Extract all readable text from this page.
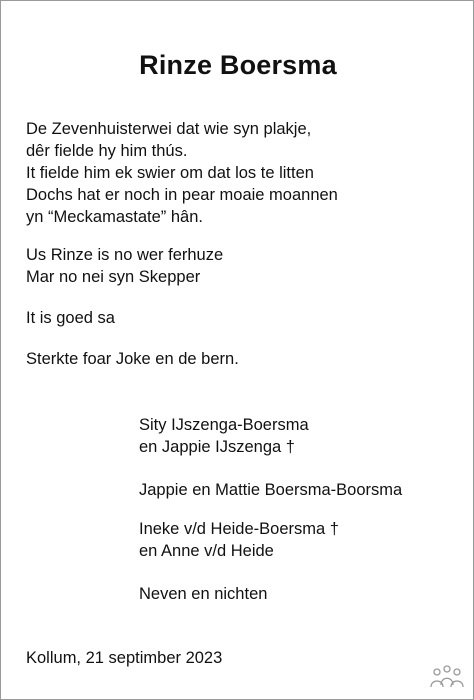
Rinze Boersma
De Zevenhuisterwei dat wie syn plakje,
dêr fielde hy him thús.
It fielde him ek swier om dat los te litten
Dochs hat er noch in pear moaie moannen
yn “Meckamastate” hân.
Us Rinze is no wer ferhuze
Mar no nei syn Skepper
It is goed sa
Sterkte foar Joke en de bern.
Sity IJszenga-Boersma
en Jappie IJszenga †
Jappie en Mattie Boersma-Boorsma
Ineke v/d Heide-Boersma †
en Anne v/d Heide
Neven en nichten
Kollum, 21 septimber 2023
